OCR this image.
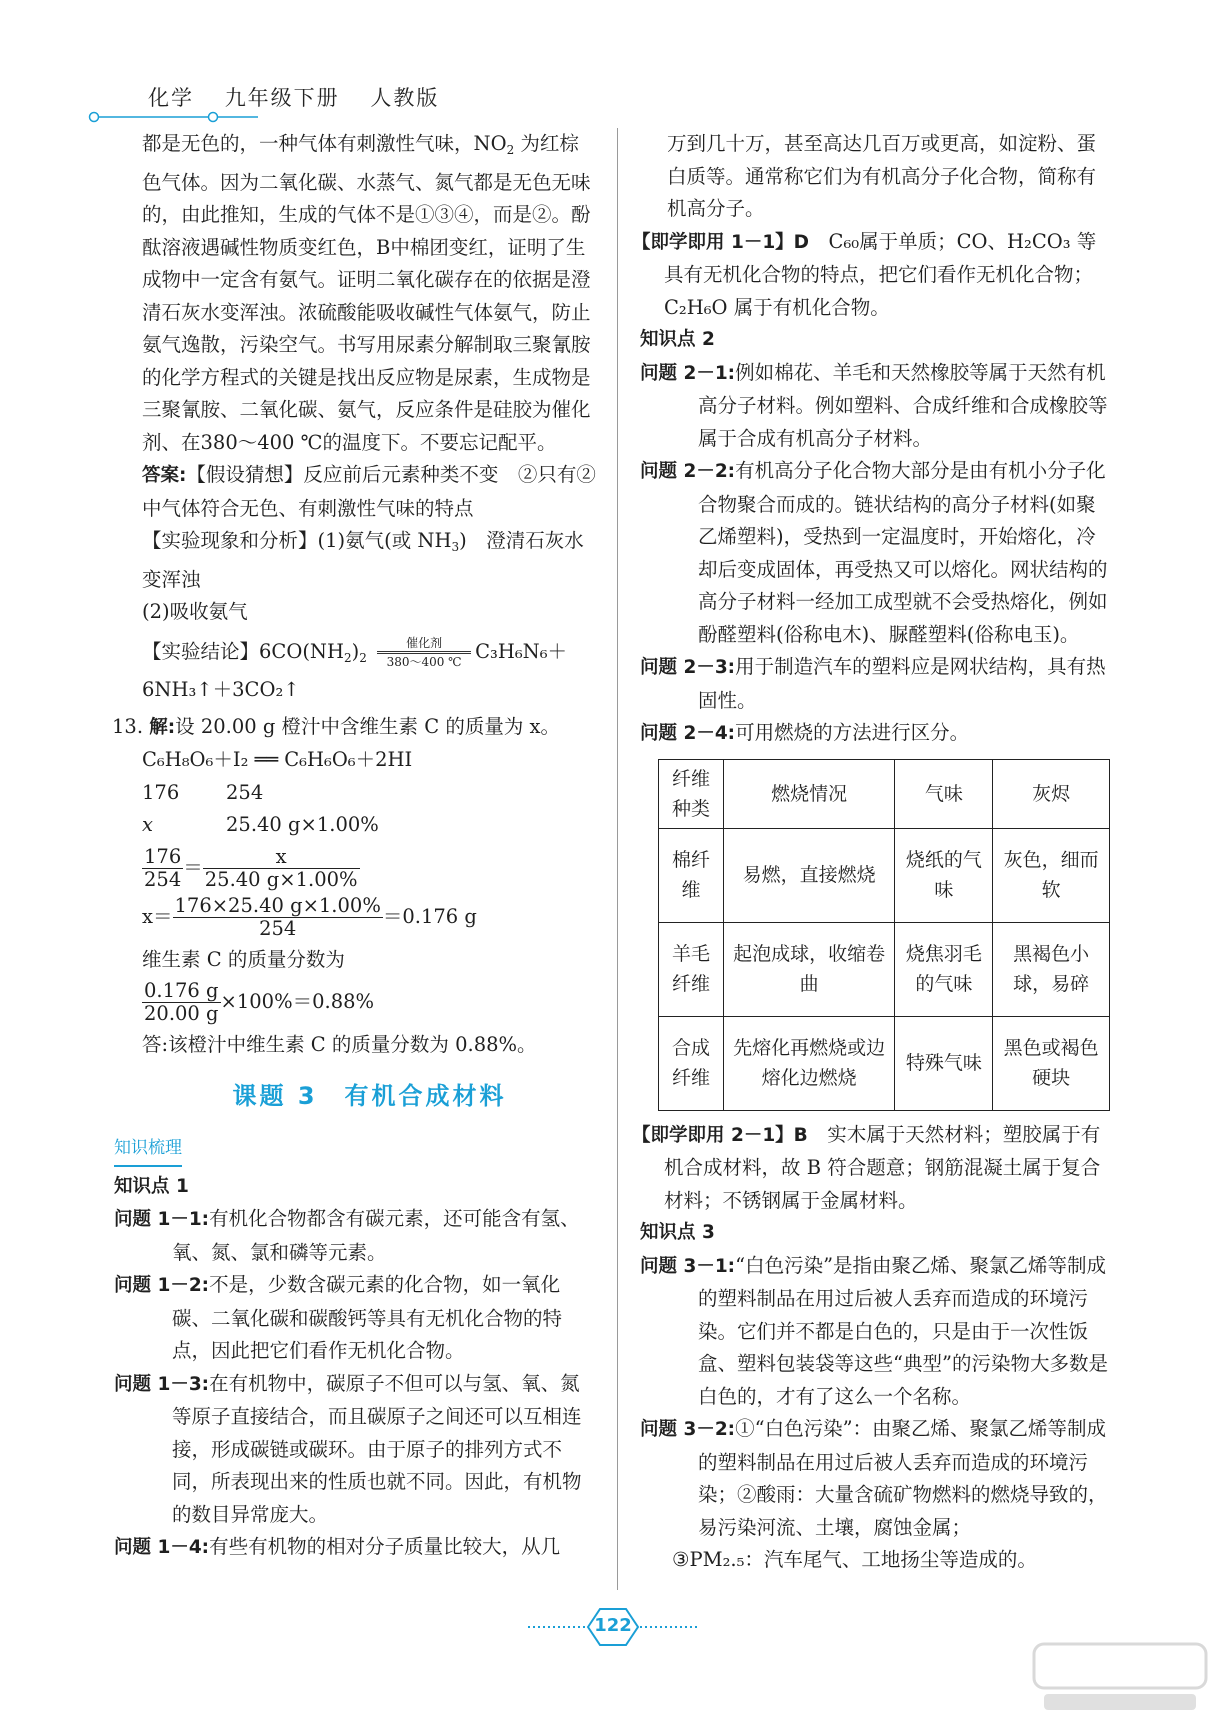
化学 九年级下册 人教版
都是无色的，一种气体有刺激性气味，$NO_2$ 为红棕色气体。因为二氧化碳、水蒸气、氮气都是无色无味的，由此推知，生成的气体不是①③④，而是②。酚酞溶液遇碱性物质变红色，B中棉团变红，证明了生成物中一定含有氨气。证明二氧化碳存在的依据是澄清石灰水变浑浊。浓硫酸能吸收碱性气体氨气，防止氨气逸散，污染空气。书写用尿素分解制取三聚氰胺的化学方程式的关键是找出反应物是尿素，生成物是三聚氰胺、二氧化碳、氨气，反应条件是硅胶为催化剂、在380～400 ℃的温度下。不要忘记配平。
答案:【假设猜想】反应前后元素种类不变　②只有②中气体符合无色、有刺激性气味的特点
【实验现象和分析】(1)氨气(或 $NH_3$)　澄清石灰水变浑浊
(2)吸收氨气
【实验结论】$6CO(NH_2)_2$
催化剂
380～400 ℃ C₃H₆N₆＋
6NH₃↑＋3CO₂↑
13. 解:设 20.00 g 橙汁中含维生素 C 的质量为 x。
C₆H₈O₆＋I₂ ══ C₆H₆O₆＋2HI
176 254
x	25.40 g×1.00%
$\frac{176}{254} = \frac{x}{25.40 g\times 1.00\%}$
$x= \frac{176\times 25.40 g\times 1.00\%}{254} =0.176$ g
维生素 C 的质量分数为
$\frac{0.176 g}{20.00 g} \times 100\%=0.88\%$
答:该橙汁中维生素 C 的质量分数为 0.88%。
课题 3　有机合成材料
知识梳理
知识点 1
问题 1－1:有机化合物都含有碳元素，还可能含有氢、氧、氮、氯和磷等元素。
问题 1－2:不是，少数含碳元素的化合物，如一氧化碳、二氧化碳和碳酸钙等具有无机化合物的特点，因此把它们看作无机化合物。
问题 1－3:在有机物中，碳原子不但可以与氢、氧、氮等原子直接结合，而且碳原子之间还可以互相连接，形成碳链或碳环。由于原子的排列方式不同，所表现出来的性质也就不同。因此，有机物的数目异常庞大。
问题 1－4:有些有机物的相对分子质量比较大，从几
万到几十万，甚至高达几百万或更高，如淀粉、蛋白质等。通常称它们为有机高分子化合物，简称有机高分子。
【即学即用 1－1】D　C₆₀属于单质；CO、H₂CO₃ 等具有无机化合物的特点，把它们看作无机化合物；C₂H₆O 属于有机化合物。
知识点 2
问题 2－1:例如棉花、羊毛和天然橡胶等属于天然有机高分子材料。例如塑料、合成纤维和合成橡胶等属于合成有机高分子材料。
问题 2－2:有机高分子化合物大部分是由有机小分子化合物聚合而成的。链状结构的高分子材料(如聚乙烯塑料)，受热到一定温度时，开始熔化，冷却后变成固体，再受热又可以熔化。网状结构的高分子材料一经加工成型就不会受热熔化，例如酚醛塑料(俗称电木)、脲醛塑料(俗称电玉)。
问题 2－3:用于制造汽车的塑料应是网状结构，具有热固性。
问题 2－4:可用燃烧的方法进行区分。
纤维种类	燃烧情况	气味	灰烬
棉纤维	易燃，直接燃烧	烧纸的气味	灰色，细而软
羊毛纤维	起泡成球，收缩卷曲	烧焦羽毛的气味	黑褐色小球，易碎
合成纤维	先熔化再燃烧或边熔化边燃烧	特殊气味	黑色或褐色硬块
【即学即用 2－1】B　实木属于天然材料；塑胶属于有机合成材料，故 B 符合题意；钢筋混凝土属于复合材料；不锈钢属于金属材料。
知识点 3
问题 3－1:“白色污染”是指由聚乙烯、聚氯乙烯等制成的塑料制品在用过后被人丢弃而造成的环境污染。它们并不都是白色的，只是由于一次性饭盒、塑料包装袋等这些“典型”的污染物大多数是白色的，才有了这么一个名称。
问题 3－2:①“白色污染”：由聚乙烯、聚氯乙烯等制成的塑料制品在用过后被人丢弃而造成的环境污染；②酸雨：大量含硫矿物燃料的燃烧导致的，易污染河流、土壤，腐蚀金属；
③PM₂.₅：汽车尾气、工地扬尘等造成的。
122
